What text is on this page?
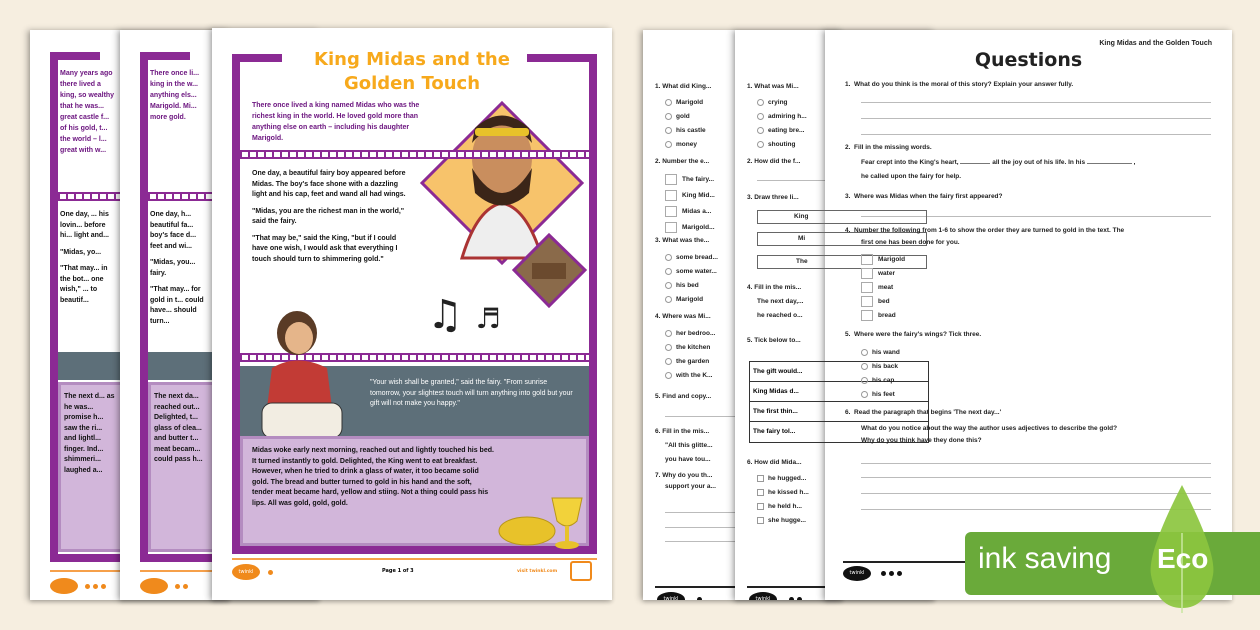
Many years ago there lived a king, so wealthy that he was... great castle f... of his gold, t... the world – l... great with w...

One day, ... his lovin... before hi... light and...

"Midas, yo...

"That may... in the bot... one wish," ... to beautif...

The next d... as he was... promise h... saw the ri... and lightl... finger. Ind... shimmeri... laughed a...
There once li... king in the w... anything els... Marigold. Mi... more gold.

One day, h... beautiful fa... boy's face d... feet and wi...

"Midas, you... fairy.

"That may... for gold in t... could have... should turn...

The next da... reached out... Delighted, t... glass of clea... and butter t... meat becam... could pass h...
King Midas and the Golden Touch
There once lived a king named Midas who was the richest king in the world. He loved gold more than anything else on earth – including his daughter Marigold.

One day, a beautiful fairy boy appeared before Midas. The boy's face shone with a dazzling light and his cap, feet and wand all had wings.

"Midas, you are the richest man in the world," said the fairy.

"That may be," said the King, "but if I could have one wish, I would ask that everything I touch should turn to shimmering gold."

♫ ♬
"Your wish shall be granted," said the fairy. "From sunrise tomorrow, your slightest touch will turn anything into gold but your gift will not make you happy."
Midas woke early next morning, reached out and lightly touched his bed. It turned instantly to gold. Delighted, the King went to eat breakfast. However, when he tried to drink a glass of water, it too became solid gold. The bread and butter turned to gold in his hand and the soft, tender meat became hard, yellow and stiing. Not a thing could pass his lips. All was gold, gold, gold.
twinkl	Page 1 of 3	visit twinkl.com
1. What did King...
Marigold
gold
his castle
money
2. Number the e...
The fairy...
King Mid...
Midas a...
Marigold...
3. What was the...
some bread...
some water...
his bed
Marigold
4. Where was Mi...
her bedroo...
the kitchen
the garden
with the K...
5. Find and copy...
6. Fill in the mis...
"All this glitte...
you have tou...
7. Why do you th...
support your a...
twinkl
1. What was Mi...
crying
admiring h...
eating bre...
shouting
2. How did the f...
3. Draw three li...
King
Mi
The
4. Fill in the mis...
The next day,...
he reached o...
5. Tick below to...
The gift would...
King Midas d...
The first thin...
The fairy tol...
6. How did Mida...
he hugged...
he kissed h...
he held h...
she hugge...
twinkl
King Midas and the Golden Touch
Questions
1. What do you think is the moral of this story? Explain your answer fully.
2. Fill in the missing words.
Fear crept into the King's heart,	all the joy out of his life. In his	,
he called upon the fairy for help.
3. Where was Midas when the fairy first appeared?
4. Number the following from 1-6 to show the order they are turned to gold in the text. The
first one has been done for you.
Marigold
water
meat
bed
bread
5. Where were the fairy's wings? Tick three.
his wand
his back
his cap
his feet
6. Read the paragraph that begins 'The next day...'
What do you notice about the way the author uses adjectives to describe the gold?
Why do you think have they done this?
twinkl	ink saving Eco
